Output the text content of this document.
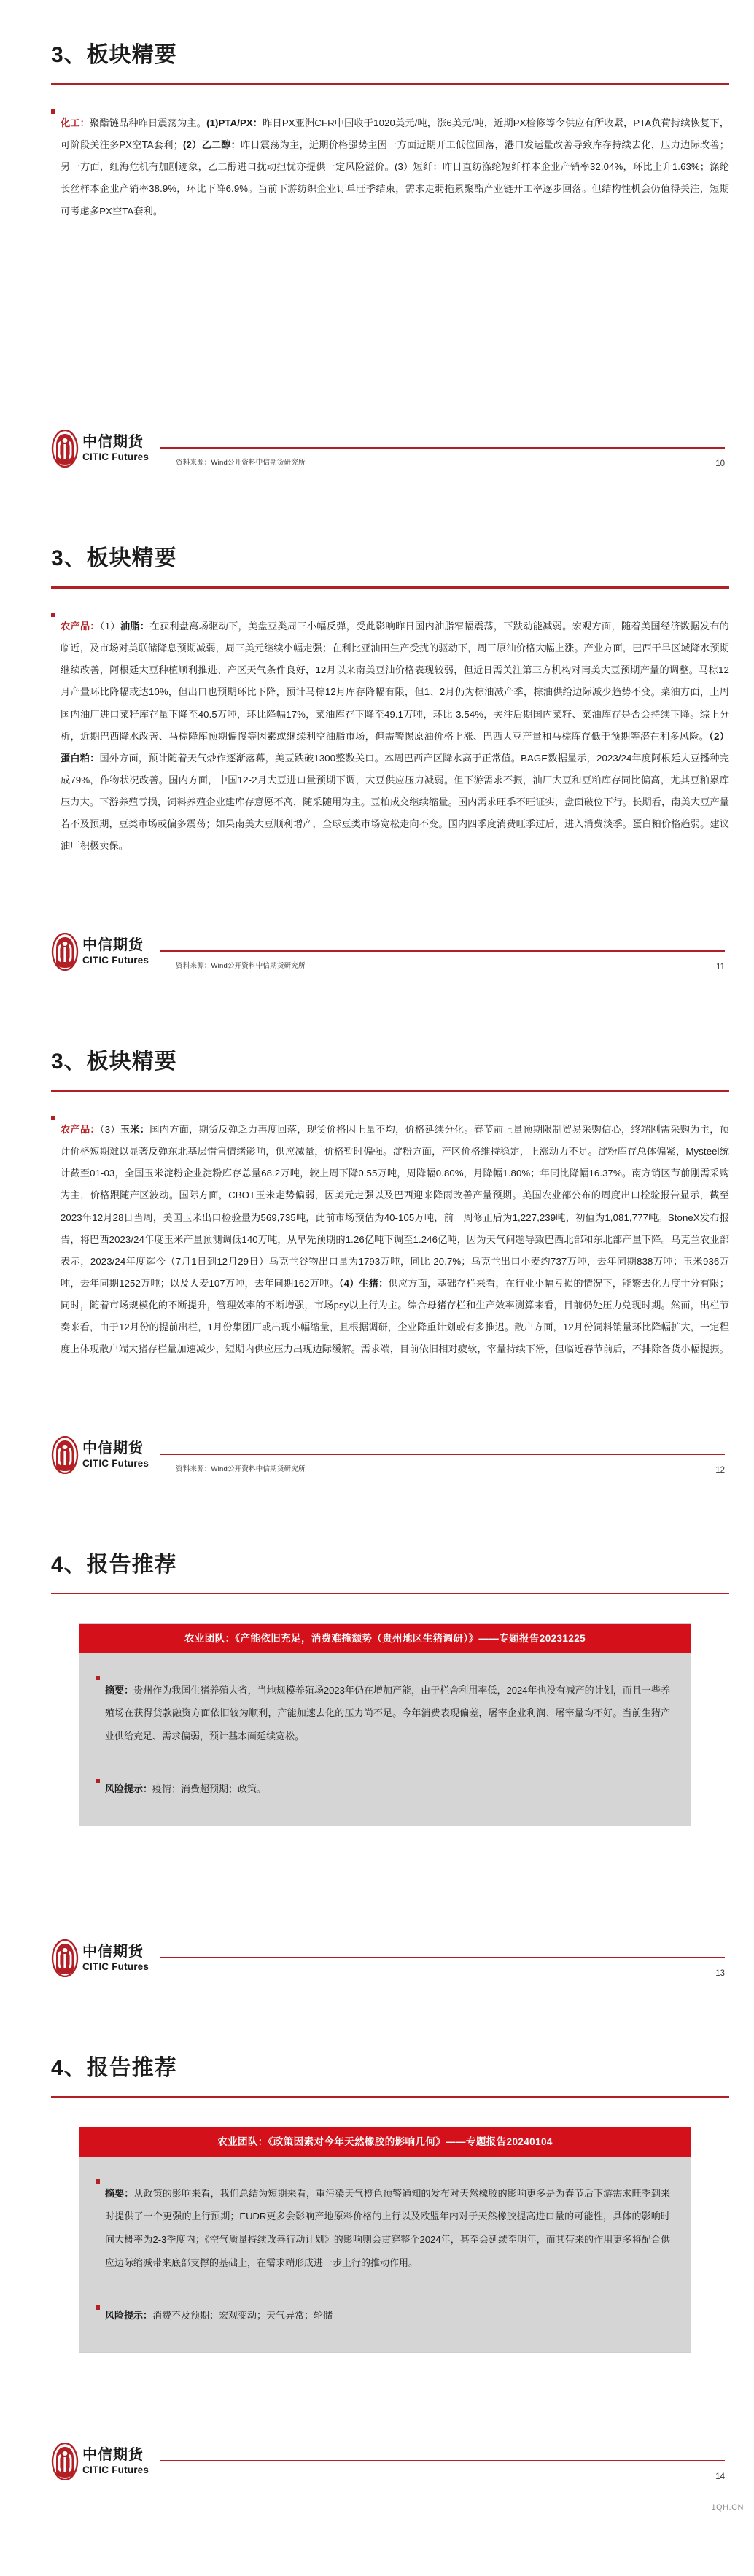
3、板块精要

化工：聚酯链品种昨日震荡为主。(1)PTA/PX：昨日PX亚洲CFR中国收于1020美元/吨，涨6美元/吨，近期PX检修等令供应有所收紧，PTA负荷持续恢复下，可阶段关注多PX空TA套利；(2）乙二醇：昨日震荡为主，近期价格强势主因一方面近期开工低位回落，港口发运量改善导致库存持续去化，压力边际改善；另一方面，红海危机有加剧迹象，乙二醇进口扰动担忧亦提供一定风险溢价。(3）短纤：昨日直纺涤纶短纤样本企业产销率32.04%，环比上升1.63%；涤纶长丝样本企业产销率38.9%，环比下降6.9%。当前下游纺织企业订单旺季结束，需求走弱拖累聚酯产业链开工率逐步回落。但结构性机会仍值得关注，短期可考虑多PX空TA套利。

中信期货
CITIC Futures
资料来源：Wind公开资料中信期货研究所	10
3、板块精要

农产品：（1）油脂：在获利盘离场驱动下，美盘豆类周三小幅反弹，受此影响昨日国内油脂窄幅震荡，下跌动能减弱。宏观方面，随着美国经济数据发布的临近，及市场对美联储降息预期减弱，周三美元继续小幅走强；在利比亚油田生产受扰的驱动下，周三原油价格大幅上涨。产业方面，巴西干旱区域降水预期继续改善，阿根廷大豆种植顺利推进、产区天气条件良好，12月以来南美豆油价格表现较弱，但近日需关注第三方机构对南美大豆预期产量的调整。马棕12月产量环比降幅或达10%，但出口也预期环比下降，预计马棕12月库存降幅有限，但1、2月仍为棕油减产季，棕油供给边际减少趋势不变。菜油方面，上周国内油厂进口菜籽库存量下降至40.5万吨，环比降幅17%，菜油库存下降至49.1万吨，环比-3.54%，关注后期国内菜籽、菜油库存是否会持续下降。综上分析，近期巴西降水改善、马棕降库预期偏慢等因素或继续利空油脂市场，但需警惕原油价格上涨、巴西大豆产量和马棕库存低于预期等潜在利多风险。（2）蛋白粕：国外方面，预计随着天气炒作逐渐落幕，美豆跌破1300整数关口。本周巴西产区降水高于正常值。BAGE数据显示，2023/24年度阿根廷大豆播种完成79%，作物状况改善。国内方面，中国12-2月大豆进口量预期下调，大豆供应压力减弱。但下游需求不振，油厂大豆和豆粕库存同比偏高，尤其豆粕累库压力大。下游养殖亏损，饲料养殖企业建库存意愿不高，随采随用为主。豆粕成交继续缩量。国内需求旺季不旺证实，盘面破位下行。长期看，南美大豆产量若不及预期，豆类市场或偏多震荡；如果南美大豆顺利增产，全球豆类市场宽松走向不变。国内四季度消费旺季过后，进入消费淡季。蛋白粕价格趋弱。建议油厂积极卖保。

中信期货
CITIC Futures
资料来源：Wind公开资料中信期货研究所	11
3、板块精要

农产品：（3）玉米：国内方面，期货反弹乏力再度回落，现货价格因上量不均，价格延续分化。春节前上量预期限制贸易采购信心，终端刚需采购为主，预计价格短期难以显著反弹东北基层惜售情绪影响，供应减量，价格暂时偏强。淀粉方面，产区价格维持稳定，上涨动力不足。淀粉库存总体偏紧，Mysteel统计截至01-03，全国玉米淀粉企业淀粉库存总量68.2万吨，较上周下降0.55万吨，周降幅0.80%，月降幅1.80%；年同比降幅16.37%。南方销区节前刚需采购为主，价格跟随产区波动。国际方面，CBOT玉米走势偏弱，因美元走强以及巴西迎来降雨改善产量预期。美国农业部公布的周度出口检验报告显示，截至2023年12月28日当周，美国玉米出口检验量为569,735吨，此前市场预估为40-105万吨，前一周修正后为1,227,239吨，初值为1,081,777吨。StoneX发布报告，将巴西2023/24年度玉米产量预测调低140万吨，从早先预期的1.26亿吨下调至1.246亿吨，因为天气问题导致巴西北部和东北部产量下降。乌克兰农业部表示，2023/24年度迄今（7月1日到12月29日）乌克兰谷物出口量为1793万吨，同比-20.7%；乌克兰出口小麦约737万吨，去年同期838万吨；玉米936万吨，去年同期1252万吨；以及大麦107万吨，去年同期162万吨。（4）生猪：供应方面，基础存栏来看，在行业小幅亏损的情况下，能繁去化力度十分有限；同时，随着市场规模化的不断提升，管理效率的不断增强，市场psy以上行为主。综合母猪存栏和生产效率测算来看，目前仍处压力兑现时期。然而，出栏节奏来看，由于12月份的提前出栏，1月份集团厂或出现小幅缩量，且根据调研，企业降重计划或有多推迟。散户方面，12月份饲料销量环比降幅扩大，一定程度上体现散户端大猪存栏量加速减少，短期内供应压力出现边际缓解。需求端，目前依旧相对疲软，宰量持续下滑，但临近春节前后，不排除备货小幅提振。

中信期货
CITIC Futures
资料来源：Wind公开资料中信期货研究所	12
4、报告推荐
农业团队：《产能依旧充足，消费难掩颓势（贵州地区生猪调研）》——专题报告20231225

摘要：贵州作为我国生猪养殖大省，当地规模养殖场2023年仍在增加产能，由于栏舍利用率低，2024年也没有减产的计划，而且一些养殖场在获得贷款融资方面依旧较为顺利，产能加速去化的压力尚不足。今年消费表现偏差，屠宰企业利润、屠宰量均不好。当前生猪产业供给充足、需求偏弱，预计基本面延续宽松。

风险提示：疫情；消费超预期；政策。

中信期货
CITIC Futures
13
4、报告推荐
农业团队：《政策因素对今年天然橡胶的影响几何》——专题报告20240104

摘要：从政策的影响来看，我们总结为短期来看，重污染天气橙色预警通知的发布对天然橡胶的影响更多是为春节后下游需求旺季到来时提供了一个更强的上行预期；EUDR更多会影响产地原料价格的上行以及欧盟年内对于天然橡胶提高进口量的可能性，具体的影响时间大概率为2-3季度内；《空气质量持续改善行动计划》的影响则会贯穿整个2024年，甚至会延续至明年，而其带来的作用更多将配合供应边际缩减带来底部支撑的基础上，在需求端形成进一步上行的推动作用。

风险提示：消费不及预期；宏观变动；天气异常；轮储

中信期货
CITIC Futures
14
1QH.CN
